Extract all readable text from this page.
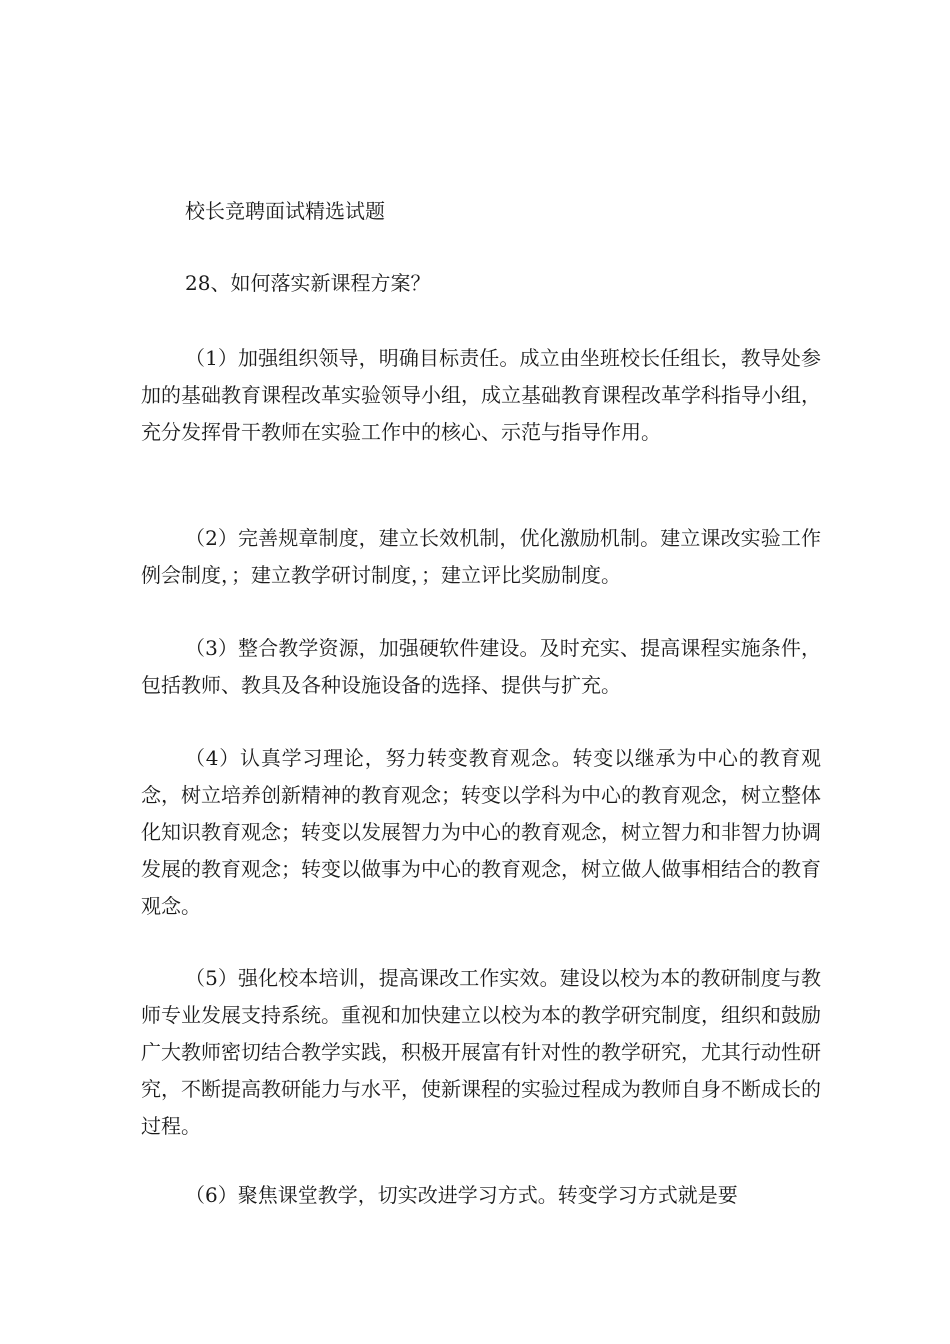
校长竞聘面试精选试题
28、如何落实新课程方案？

（1）加强组织领导，明确目标责任。成立由坐班校长任组长，教导处参加的基础教育课程改革实验领导小组，成立基础教育课程改革学科指导小组，充分发挥骨干教师在实验工作中的核心、示范与指导作用。

（2）完善规章制度，建立长效机制，优化激励机制。建立课改实验工作例会制度，；建立教学研讨制度，；建立评比奖励制度。

（3）整合教学资源，加强硬软件建设。及时充实、提高课程实施条件，包括教师、教具及各种设施设备的选择、提供与扩充。

（4）认真学习理论，努力转变教育观念。转变以继承为中心的教育观念，树立培养创新精神的教育观念；转变以学科为中心的教育观念，树立整体化知识教育观念；转变以发展智力为中心的教育观念，树立智力和非智力协调发展的教育观念；转变以做事为中心的教育观念，树立做人做事相结合的教育观念。

（5）强化校本培训，提高课改工作实效。建设以校为本的教研制度与教师专业发展支持系统。重视和加快建立以校为本的教学研究制度，组织和鼓励广大教师密切结合教学实践，积极开展富有针对性的教学研究，尤其行动性研究，不断提高教研能力与水平，使新课程的实验过程成为教师自身不断成长的过程。

（6）聚焦课堂教学，切实改进学习方式。转变学习方式就是要
